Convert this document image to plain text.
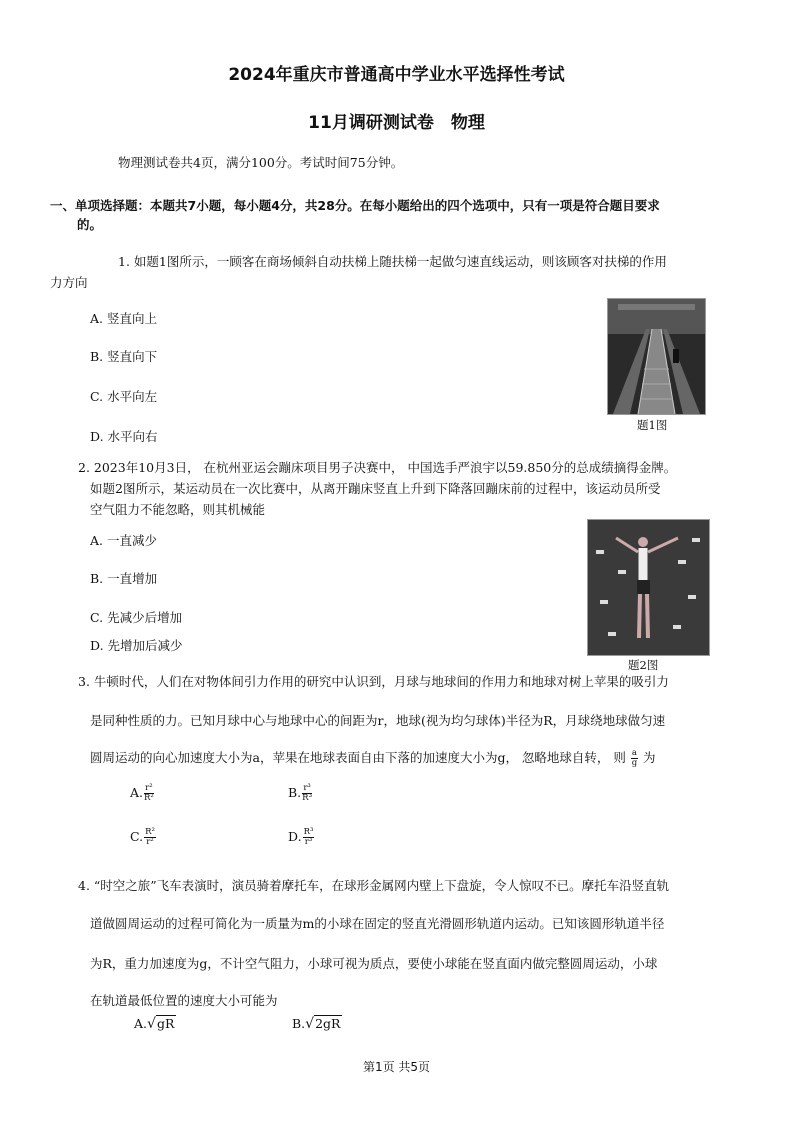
2024年重庆市普通高中学业水平选择性考试
11月调研测试卷　物理
物理测试卷共4页，满分100分。考试时间75分钟。
一、单项选择题：本题共7小题，每小题4分，共28分。在每小题给出的四个选项中，只有一项是符合题目要求
的。
1. 如题1图所示，一顾客在商场倾斜自动扶梯上随扶梯一起做匀速直线运动，则该顾客对扶梯的作用
力方向
A. 竖直向上
B. 竖直向下
C. 水平向左
D. 水平向右
题1图
2. 2023年10月3日， 在杭州亚运会蹦床项目男子决赛中， 中国选手严浪宇以59.850分的总成绩摘得金牌。
如题2图所示，某运动员在一次比赛中，从离开蹦床竖直上升到下降落回蹦床前的过程中，该运动员所受
空气阻力不能忽略，则其机械能
A. 一直减少
B. 一直增加
C. 先减少后增加
D. 先增加后减少
题2图
3. 牛顿时代，人们在对物体间引力作用的研究中认识到，月球与地球间的作用力和地球对树上苹果的吸引力
是同种性质的力。已知月球中心与地球中心的间距为r，地球(视为均匀球体)半径为R，月球绕地球做匀速
圆周运动的向心加速度大小为a，苹果在地球表面自由下落的加速度大小为g， 忽略地球自转， 则 $\frac{a}{g}$ 为
A. $\frac{\text{r²}}{\text{R²}}$	B. $\frac{\text{r³}}{\text{R³}}$
C. $\frac{\text{R²}}{\text{r²}}$	D. $\frac{\text{R³}}{\text{r³}}$
4. “时空之旅”飞车表演时，演员骑着摩托车，在球形金属网内壁上下盘旋，令人惊叹不已。摩托车沿竖直轨
道做圆周运动的过程可简化为一质量为m的小球在固定的竖直光滑圆形轨道内运动。已知该圆形轨道半径
为R，重力加速度为g，不计空气阻力，小球可视为质点，要使小球能在竖直面内做完整圆周运动，小球
在轨道最低位置的速度大小可能为
A.√gR	B.√2gR
第1页 共5页
